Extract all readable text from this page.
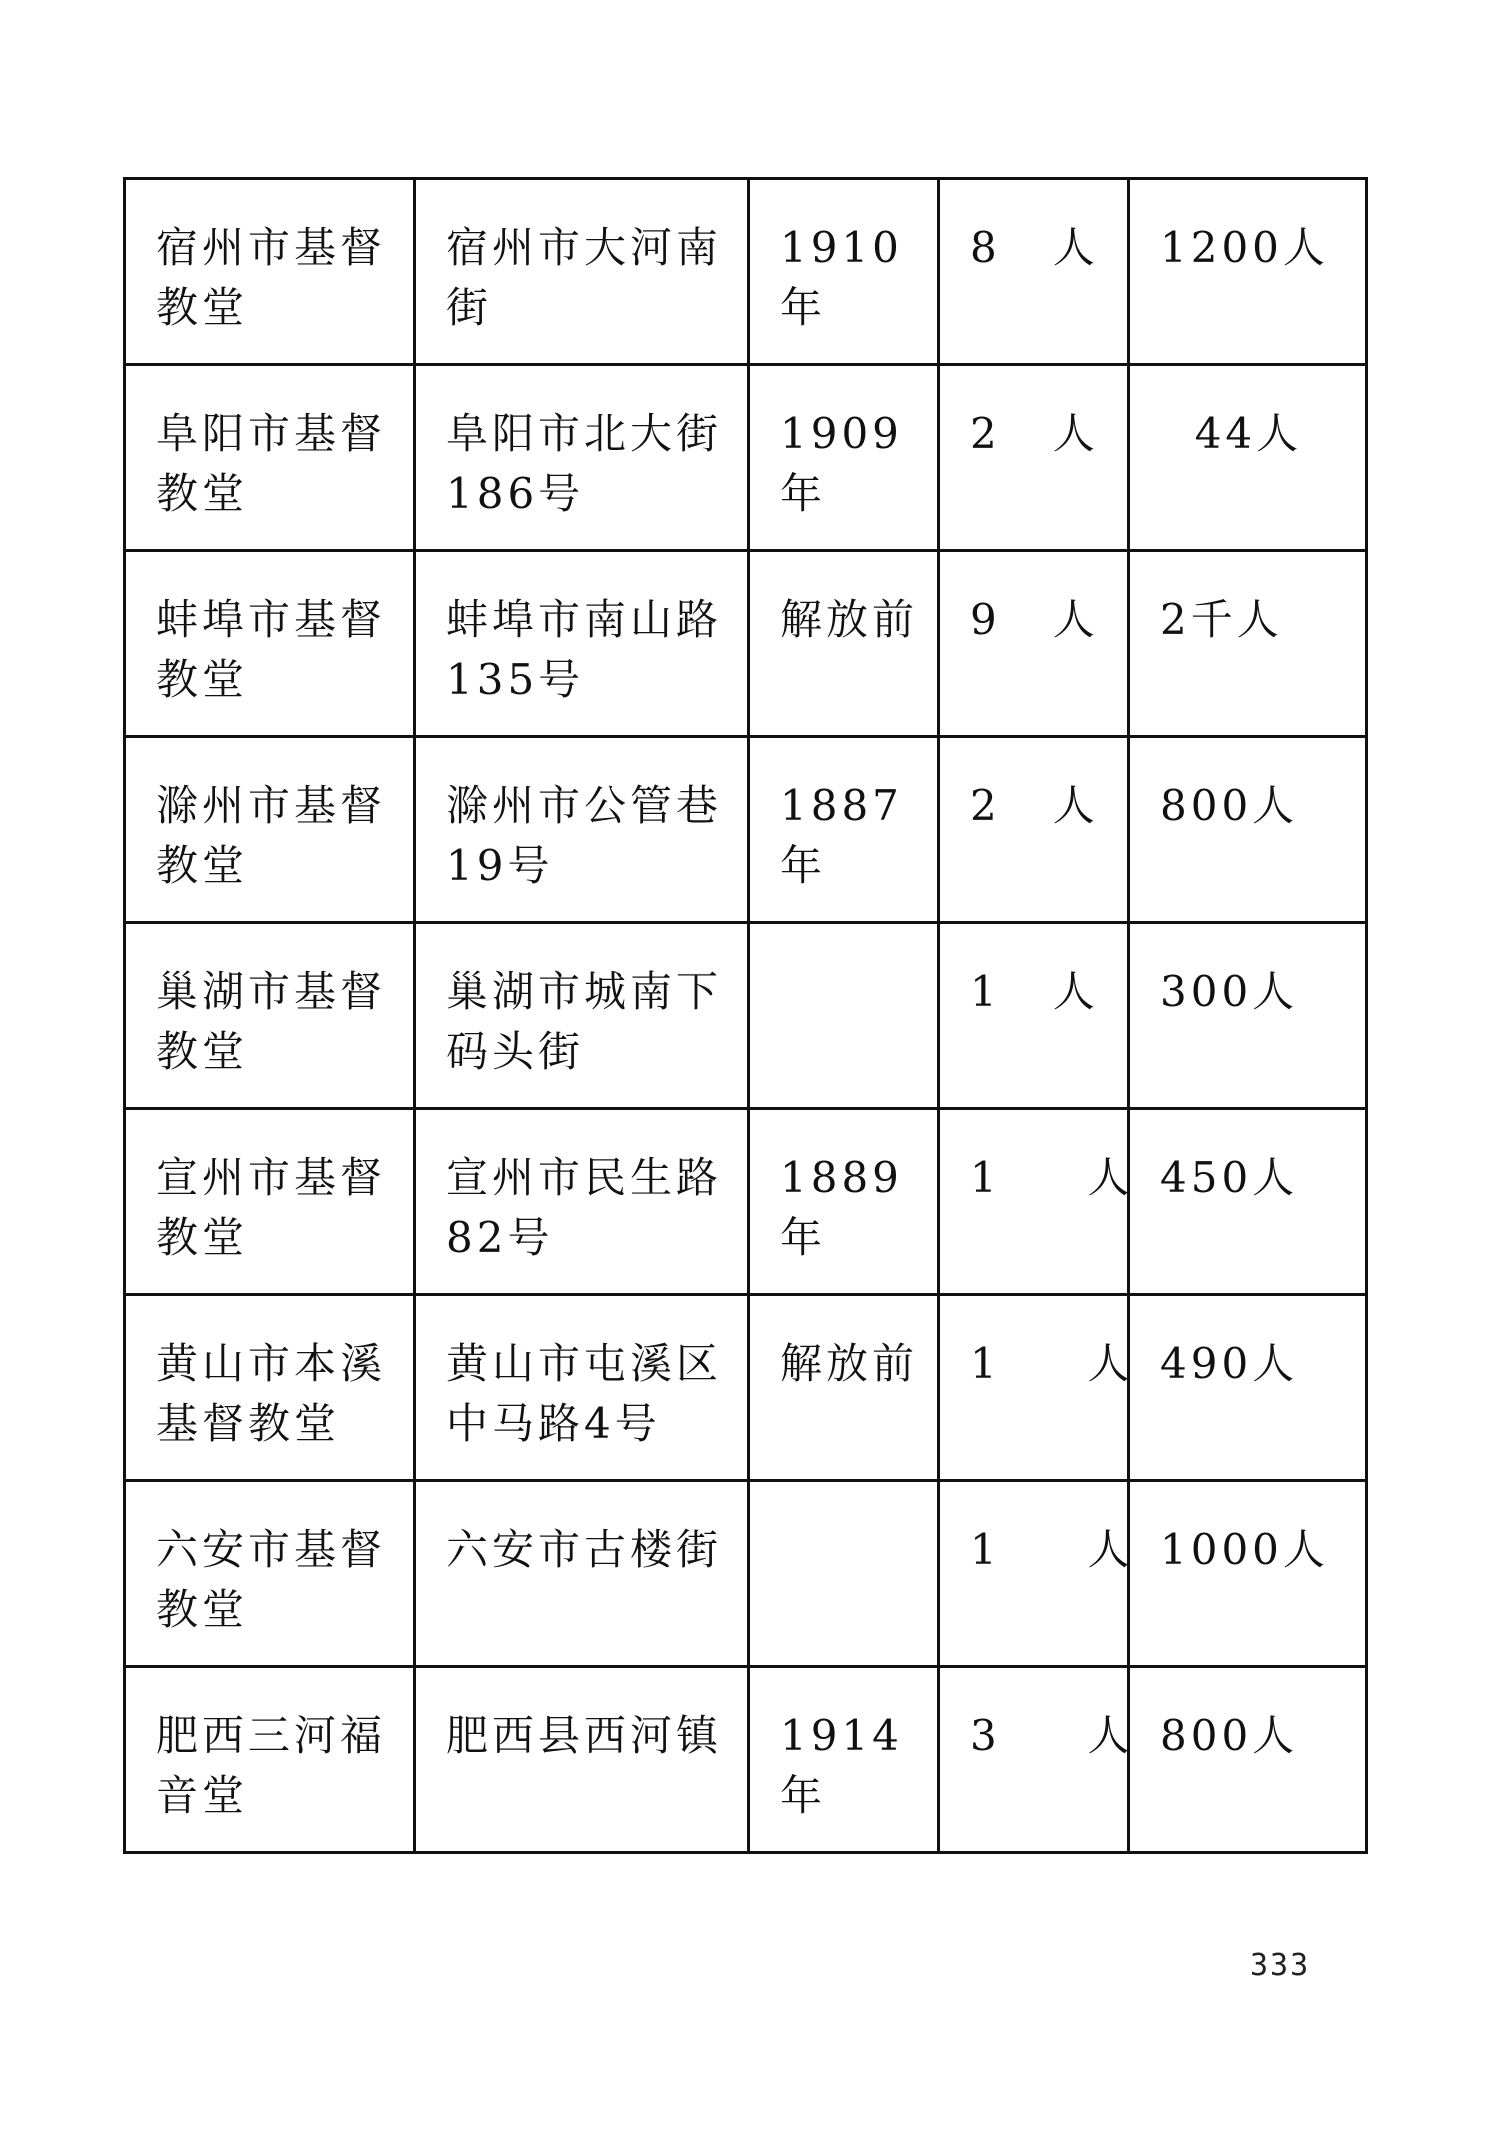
宿州市基督教堂	宿州市大河南街	1910年	8   人	1200人
阜阳市基督教堂	阜阳市北大街186号	1909年	2   人	44人
蚌埠市基督教堂	蚌埠市南山路135号	解放前	9   人	2千人
滁州市基督教堂	滁州市公管巷19号	1887年	2   人	800人
巢湖市基督教堂	巢湖市城南下码头街		1   人	300人
宣州市基督教堂	宣州市民生路82号	1889年	1     人	450人
黄山市本溪基督教堂	黄山市屯溪区中马路4号	解放前	1     人	490人
六安市基督教堂	六安市古楼街		1     人	1000人
肥西三河福音堂	肥西县西河镇	1914年	3     人	800人
333
